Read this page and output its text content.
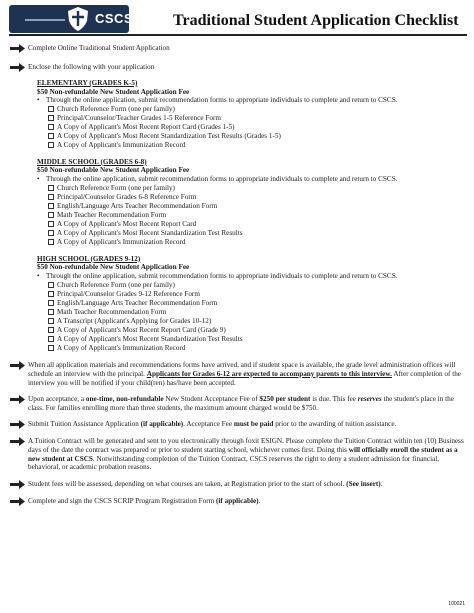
CSCS Traditional Student Application Checklist
Complete Online Traditional Student Application
Enclose the following with your application
ELEMENTARY (GRADES K-5)
$50 Non-refundable New Student Application Fee
• Through the online application, submit recommendation forms to appropriate individuals to complete and return to CSCS.
Church Reference Form (one per family)
Principal/Counselor/Teacher Grades 1-5 Reference Form
A Copy of Applicant's Most Recent Report Card (Grades 1-5)
A Copy of Applicant's Most Recent Standardization Test Results (Grades 1-5)
A Copy of Applicant's Immunization Record
MIDDLE SCHOOL (GRADES 6-8)
$50 Non-refundable New Student Application Fee
• Through the online application, submit recommendation forms to appropriate individuals to complete and return to CSCS.
Church Reference Form (one per family)
Principal/Counselor Grades 6-8 Reference Form
English/Language Arts Teacher Recommendation Form
Math Teacher Recommendation Form
A Copy of Applicant's Most Recent Report Card
A Copy of Applicant's Most Recent Standardization Test Results
A Copy of Applicant's Immunization Record
HIGH SCHOOL (GRADES 9-12)
$50 Non-refundable New Student Application Fee
• Through the online application, submit recommendation forms to appropriate individuals to complete and return to CSCS.
Church Reference Form (one per family)
Principal/Counselor Grades 9-12 Reference Form
English/Language Arts Teacher Recommendation Form
Math Teacher Recommendation Form
A Transcript (Applicant's Applying for Grades 10-12)
A Copy of Applicant's Most Recent Report Card (Grade 9)
A Copy of Applicant's Most Recent Standardization Test Results
A Copy of Applicant's Immunization Record
When all application materials and recommendations forms have arrived, and if student space is available, the grade level administration offices will schedule an interview with the principal. Applicants for Grades 6-12 are expected to accompany parents to this interview. After completion of the interview you will be notified if your child(ren) has/have been accepted.
Upon acceptance, a one-time, non-refundable New Student Acceptance Fee of $250 per student is due. This fee reserves the student's place in the class. For families enrolling more than three students, the maximum amount charged would be $750.
Submit Tuition Assistance Application (if applicable). Acceptance Fee must be paid prior to the awarding of tuition assistance.
A Tuition Contract will be generated and sent to you electronically through foxit ESIGN. Please complete the Tuition Contract within ten (10) Business days of the date the contract was prepared or prior to student starting school, whichever comes first. Doing this will officially enroll the student as a new student at CSCS. Notwithstanding completion of the Tuition Contract, CSCS reserves the right to deny a student admission for financial, behavioral, or academic probation reasons.
Student fees will be assessed, depending on what courses are taken, at Registration prior to the start of school. (See insert).
Complete and sign the CSCS SCRIP Program Registration Form (if applicable).
100021
